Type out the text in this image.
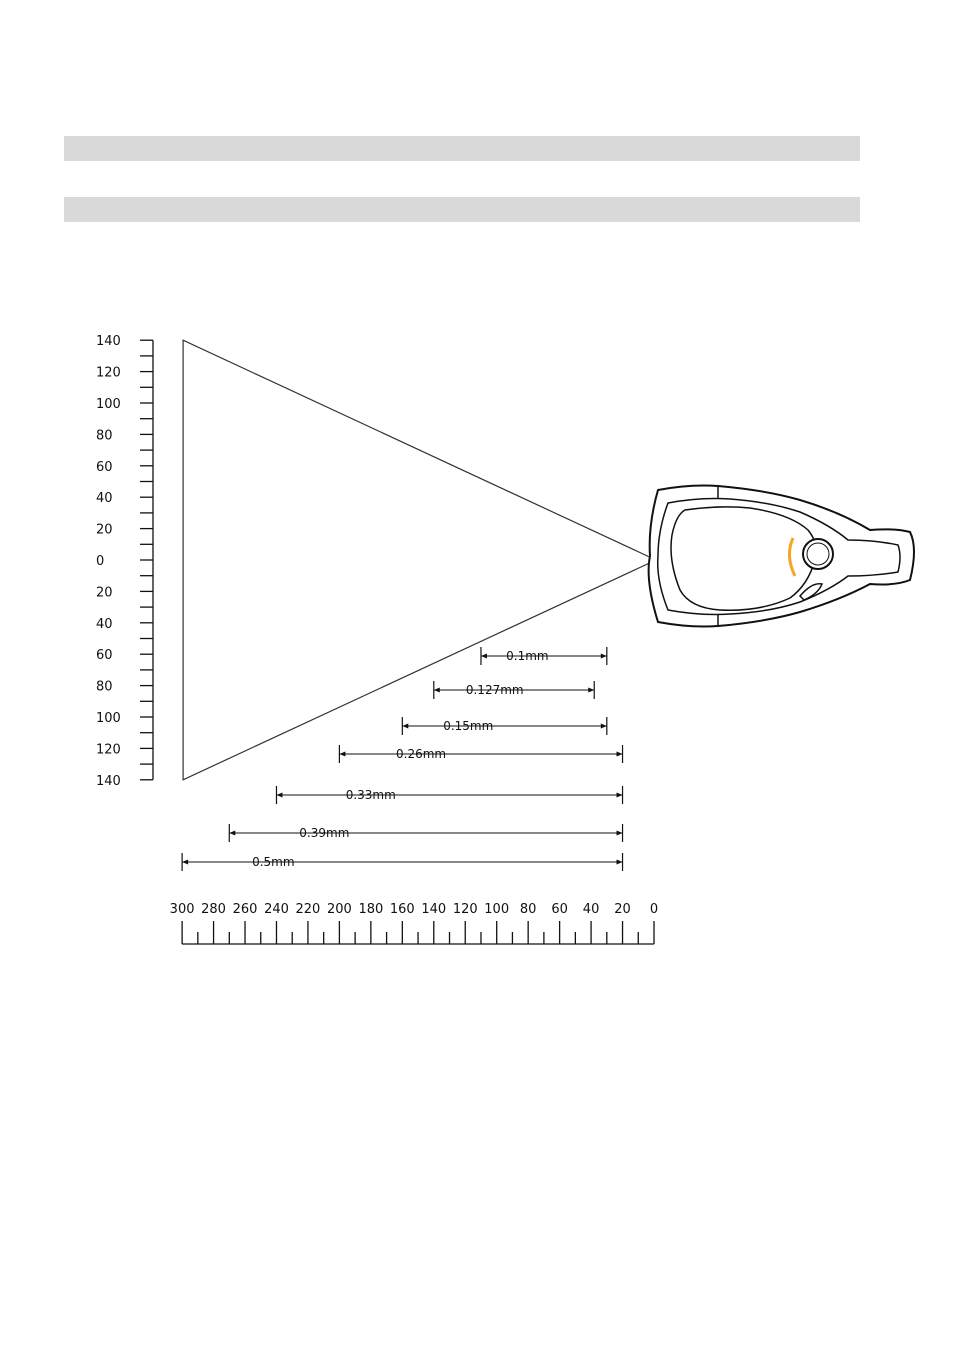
140
120
100
80
60
40
20
0
20
40
60
80
100
120
140
300 280 260 240 220 200 180 160 140 120 100 80 60 40 20 0
0.1mm
0.127mm
0.15mm
0.26mm
0.33mm
0.39mm
0.5mm
